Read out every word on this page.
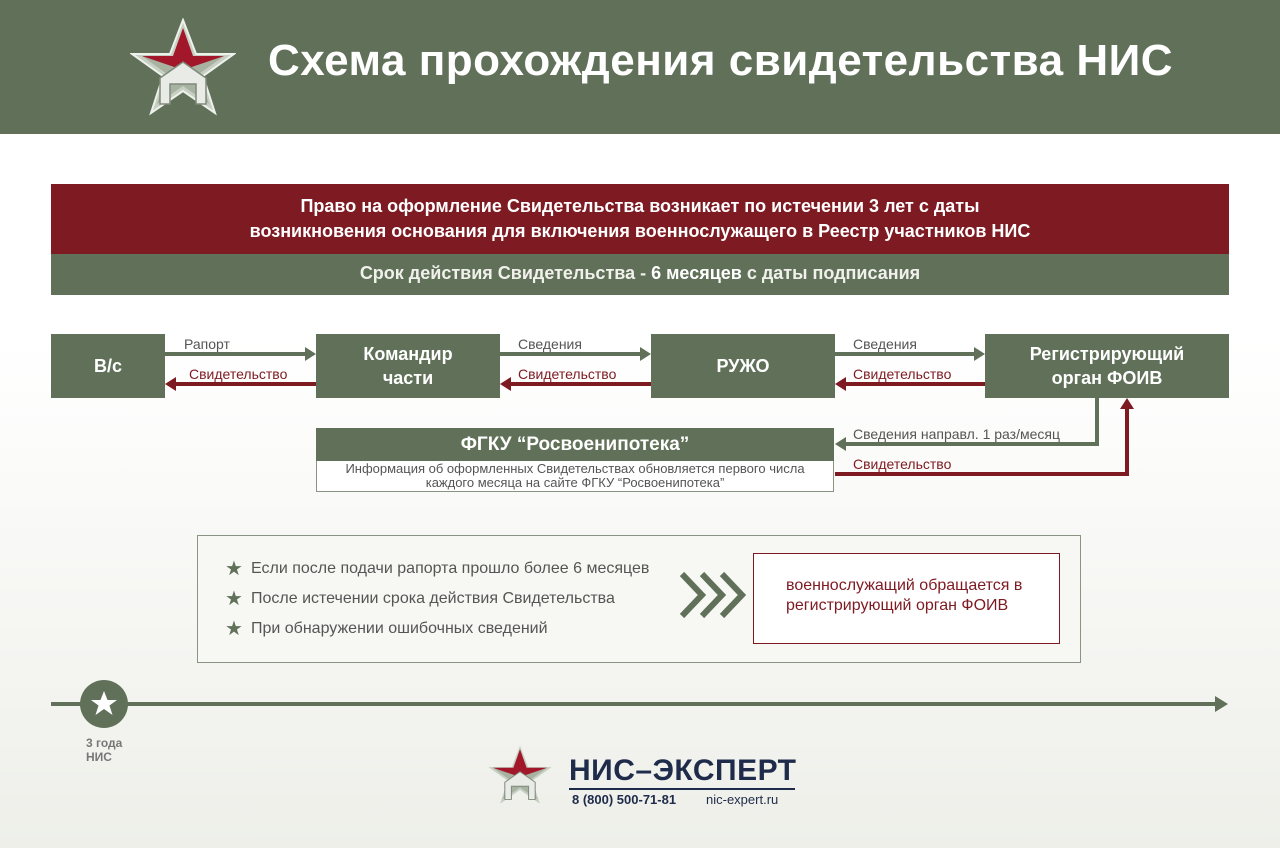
Схема прохождения свидетельства НИС
Право на оформление Свидетельства возникает по истечении 3 лет с даты
возникновения основания для включения военнослужащего в Реестр участников НИС
Срок действия Свидетельства - 6 месяцев с даты подписания
В/с
Командир
части
РУЖО
Регистрирующий
орган ФОИВ
Рапорт
Свидетельство
Сведения
Свидетельство
Сведения
Свидетельство
Сведения направл. 1 раз/месяц
Свидетельство
ФГКУ “Росвоенипотека”
Информация об оформленных Свидетельствах обновляется первого числа
каждого месяца на сайте ФГКУ “Росвоенипотека”
★ Если после подачи рапорта прошло более 6 месяцев
★ После истечении срока действия Свидетельства
★ При обнаружении ошибочных сведений
военнослужащий обращается в
регистрирующий орган ФОИВ
3 года
НИС	НИС–ЭКСПЕРТ
8 (800) 500-71-81 nic-expert.ru
